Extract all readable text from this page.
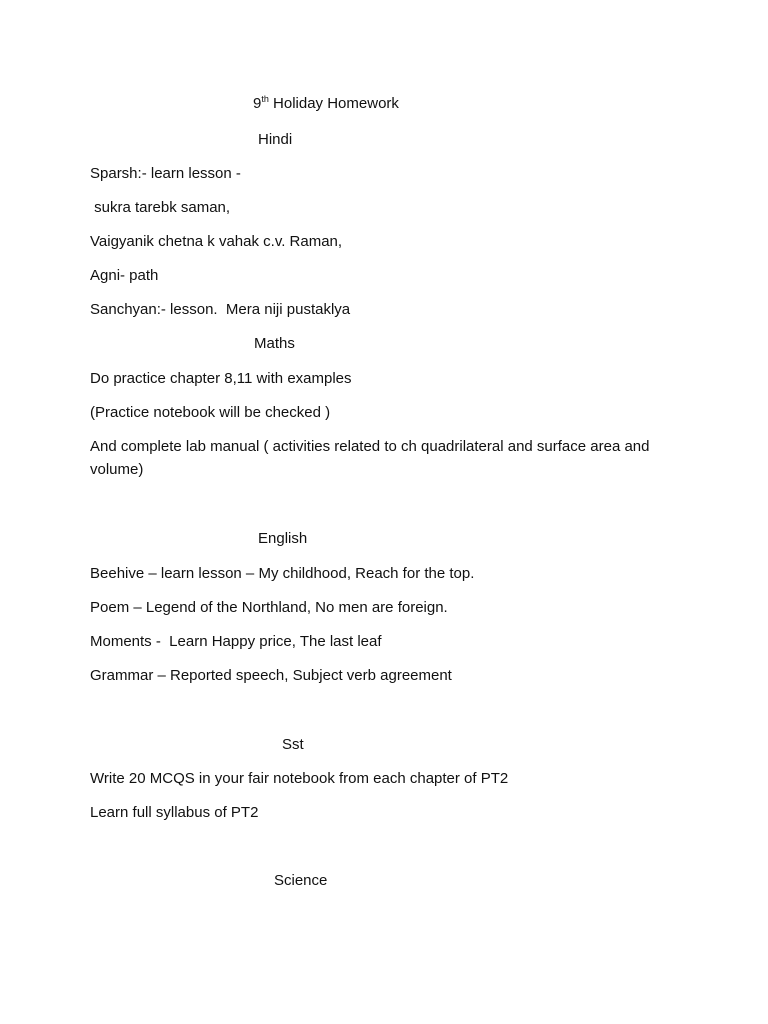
9th Holiday Homework
Hindi
Sparsh:- learn lesson -
sukra tarebk saman,
Vaigyanik chetna k vahak c.v. Raman,
Agni- path
Sanchyan:- lesson.  Mera niji pustaklya
Maths
Do practice chapter 8,11 with examples
(Practice notebook will be checked )
And complete lab manual ( activities related to ch quadrilateral and surface area and volume)
English
Beehive – learn lesson – My childhood, Reach for the top.
Poem – Legend of the Northland, No men are foreign.
Moments -  Learn Happy price, The last leaf
Grammar – Reported speech, Subject verb agreement
Sst
Write 20 MCQS in your fair notebook from each chapter of PT2
Learn full syllabus of PT2
Science
